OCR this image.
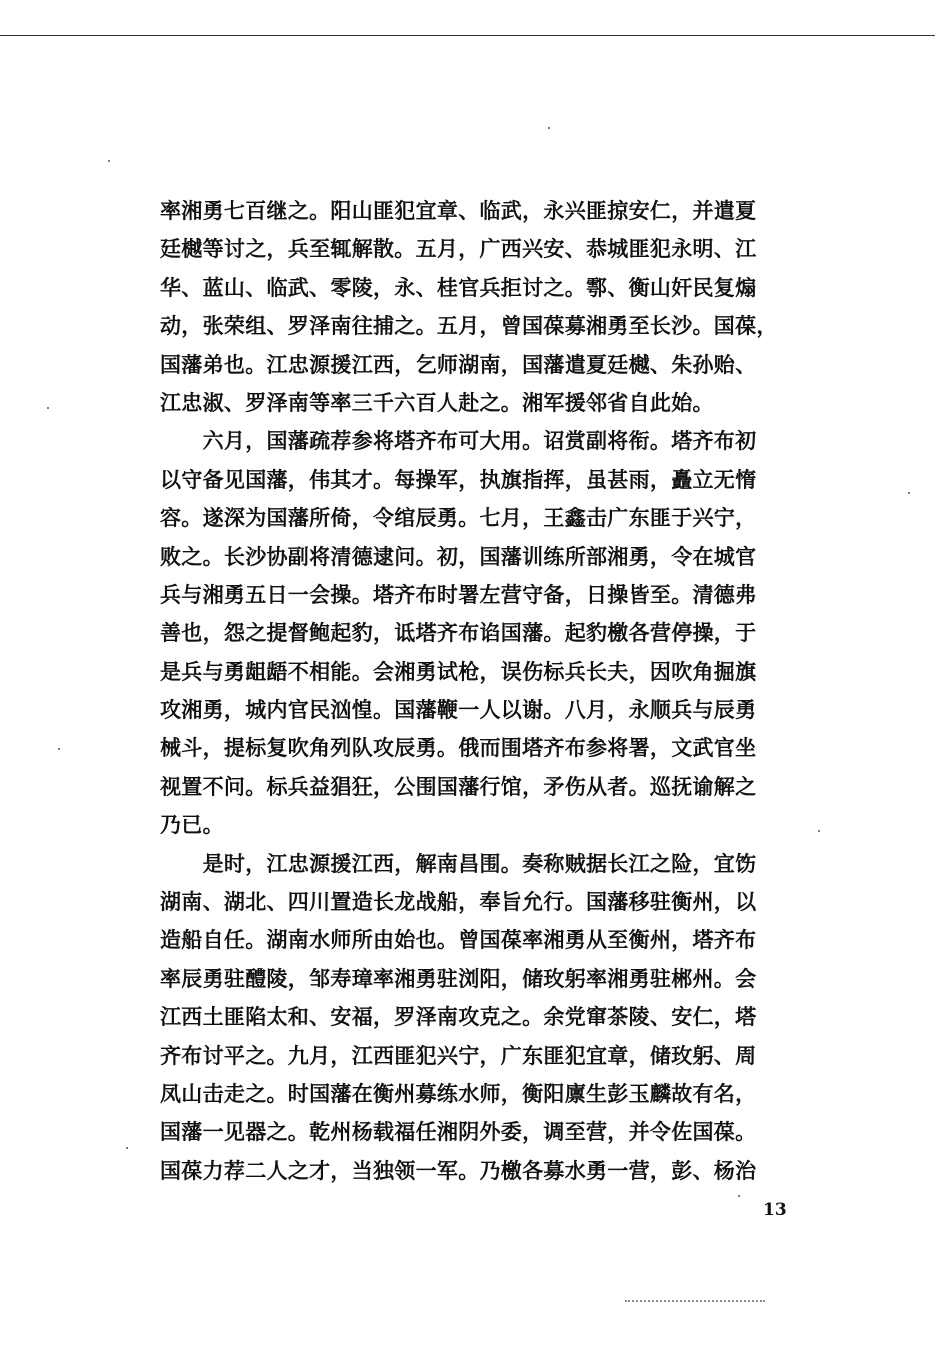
率湘勇七百继之。阳山匪犯宜章、临武，永兴匪掠安仁，并遣夏
廷樾等讨之，兵至辄解散。五月，广西兴安、恭城匪犯永明、江
华、蓝山、临武、零陵，永、桂官兵拒讨之。鄠、衡山奸民复煽
动，张荣组、罗泽南往捕之。五月，曾国葆募湘勇至长沙。国葆，
国藩弟也。江忠源援江西，乞师湖南，国藩遣夏廷樾、朱孙贻、
江忠淑、罗泽南等率三千六百人赴之。湘军援邻省自此始。
　　六月，国藩疏荐参将塔齐布可大用。诏赏副将衔。塔齐布初
以守备见国藩，伟其才。每操军，执旗指挥，虽甚雨，矗立无惰
容。遂深为国藩所倚，令绾辰勇。七月，王鑫击广东匪于兴宁，
败之。长沙协副将清德逮问。初，国藩训练所部湘勇，令在城官
兵与湘勇五日一会操。塔齐布时署左营守备，日操皆至。清德弗
善也，怨之提督鲍起豹，诋塔齐布谄国藩。起豹檄各营停操，于
是兵与勇龃龉不相能。会湘勇试枪，误伤标兵长夫，因吹角掘旗
攻湘勇，城内官民汹惶。国藩鞭一人以谢。八月，永顺兵与辰勇
械斗，提标复吹角列队攻辰勇。俄而围塔齐布参将署，文武官坐
视置不问。标兵益猖狂，公围国藩行馆，矛伤从者。巡抚谕解之
乃已。
　　是时，江忠源援江西，解南昌围。奏称贼据长江之险，宜饬
湖南、湖北、四川置造长龙战船，奉旨允行。国藩移驻衡州，以
造船自任。湖南水师所由始也。曾国葆率湘勇从至衡州，塔齐布
率辰勇驻醴陵，邹寿璋率湘勇驻浏阳，储玫躬率湘勇驻郴州。会
江西土匪陷太和、安福，罗泽南攻克之。余党窜茶陵、安仁，塔
齐布讨平之。九月，江西匪犯兴宁，广东匪犯宜章，储玫躬、周
凤山击走之。时国藩在衡州募练水师，衡阳廪生彭玉麟故有名，
国藩一见器之。乾州杨载福任湘阴外委，调至营，并令佐国葆。
国葆力荐二人之才，当独领一军。乃檄各募水勇一营，彭、杨治
13
